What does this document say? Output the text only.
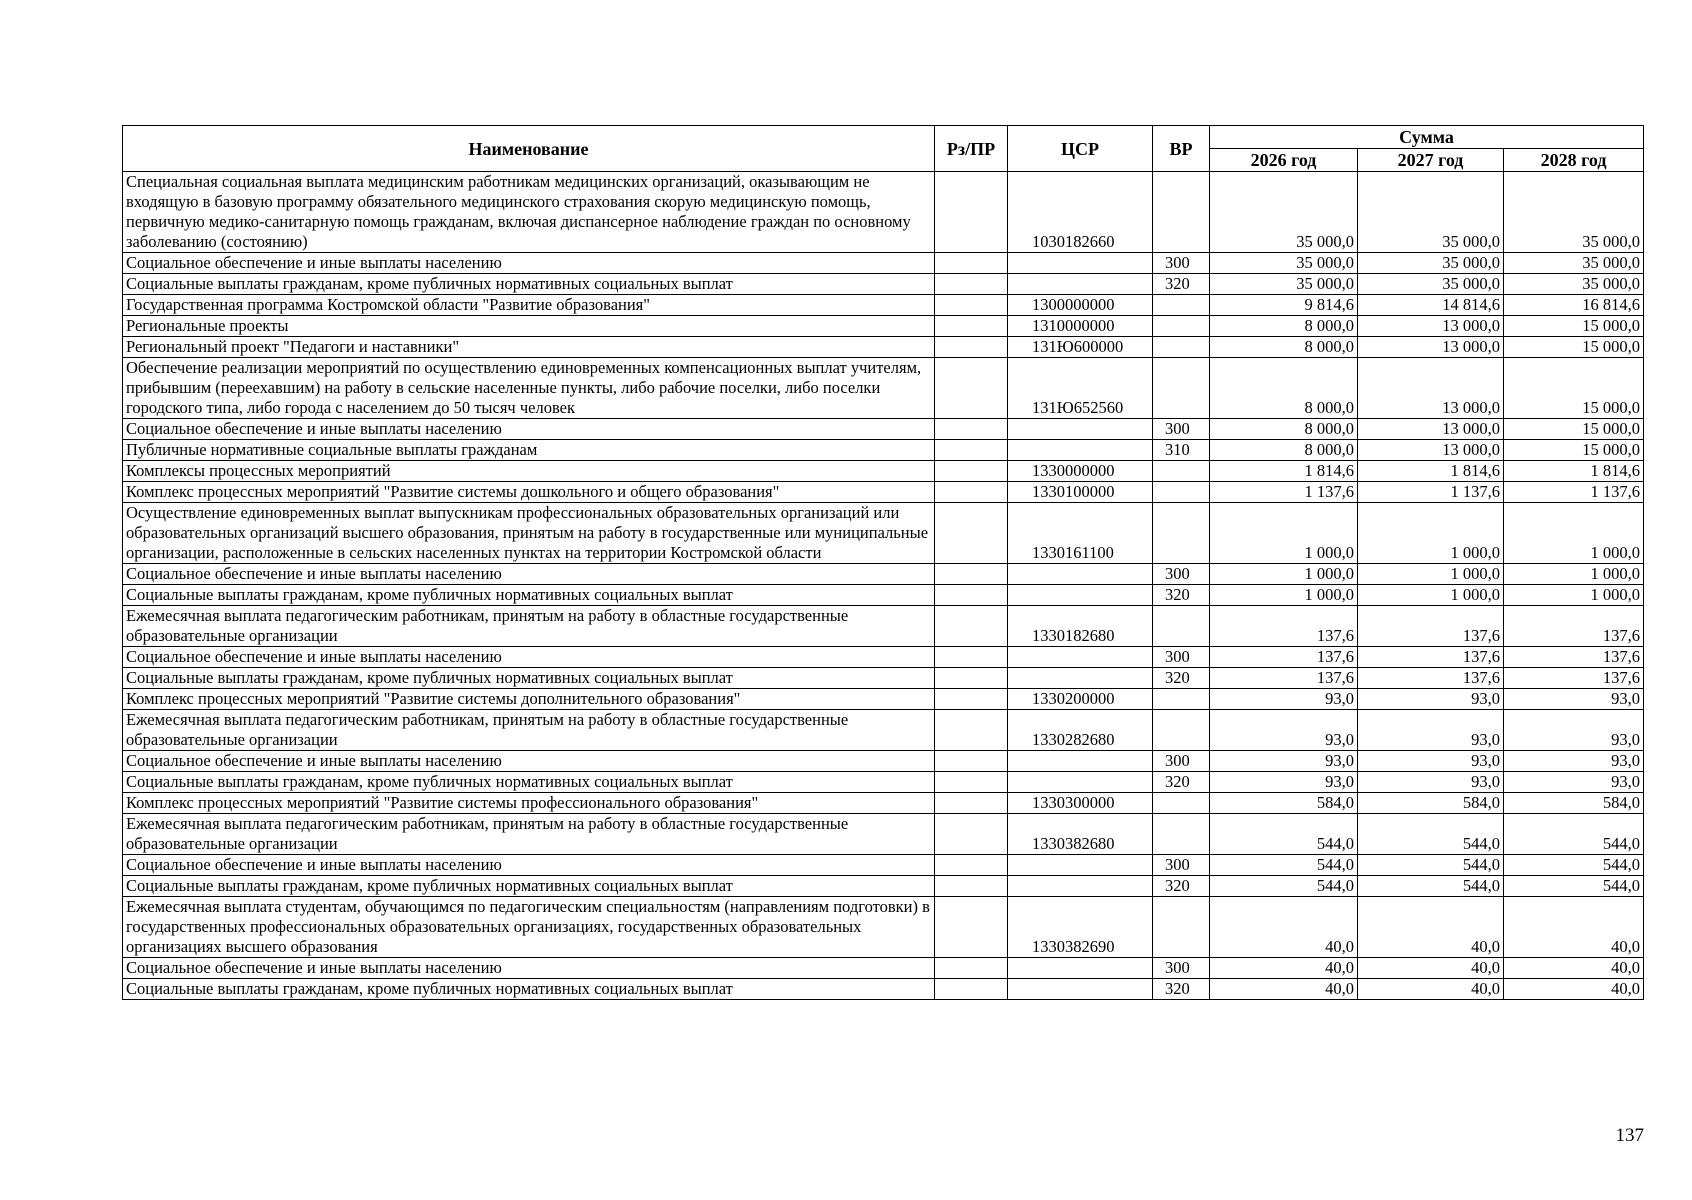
Наименование	Рз/ПР	ЦСР	ВР	Сумма		
				2026 год	2027 год	2028 год
Специальная социальная выплата медицинским работникам медицинских организаций, оказывающим не входящую в базовую программу обязательного медицинского страхования скорую медицинскую помощь, первичную медико-санитарную помощь гражданам, включая диспансерное наблюдение граждан по основному заболеванию (состоянию)		1030182660		35 000,0	35 000,0	35 000,0
Социальное обеспечение и иные выплаты населению			300	35 000,0	35 000,0	35 000,0
Социальные выплаты гражданам, кроме публичных нормативных социальных выплат			320	35 000,0	35 000,0	35 000,0
Государственная программа Костромской области "Развитие образования"		1300000000		9 814,6	14 814,6	16 814,6
Региональные проекты		1310000000		8 000,0	13 000,0	15 000,0
Региональный проект "Педагоги и наставники"		131Ю600000		8 000,0	13 000,0	15 000,0
Обеспечение реализации мероприятий по осуществлению единовременных компенсационных выплат учителям, прибывшим (переехавшим) на работу в сельские населенные пункты, либо рабочие поселки, либо поселки городского типа, либо города с населением до 50 тысяч человек		131Ю652560		8 000,0	13 000,0	15 000,0
Социальное обеспечение и иные выплаты населению			300	8 000,0	13 000,0	15 000,0
Публичные нормативные социальные выплаты гражданам			310	8 000,0	13 000,0	15 000,0
Комплексы процессных мероприятий		1330000000		1 814,6	1 814,6	1 814,6
Комплекс процессных мероприятий "Развитие системы дошкольного и общего образования"		1330100000		1 137,6	1 137,6	1 137,6
Осуществление единовременных выплат выпускникам профессиональных образовательных организаций или образовательных организаций высшего образования, принятым на работу в государственные или муниципальные организации, расположенные в сельских населенных пунктах на территории Костромской области		1330161100		1 000,0	1 000,0	1 000,0
Социальное обеспечение и иные выплаты населению			300	1 000,0	1 000,0	1 000,0
Социальные выплаты гражданам, кроме публичных нормативных социальных выплат			320	1 000,0	1 000,0	1 000,0
Ежемесячная выплата педагогическим работникам, принятым на работу в областные государственные образовательные организации		1330182680		137,6	137,6	137,6
Социальное обеспечение и иные выплаты населению			300	137,6	137,6	137,6
Социальные выплаты гражданам, кроме публичных нормативных социальных выплат			320	137,6	137,6	137,6
Комплекс процессных мероприятий "Развитие системы дополнительного образования"		1330200000		93,0	93,0	93,0
Ежемесячная выплата педагогическим работникам, принятым на работу в областные государственные образовательные организации		1330282680		93,0	93,0	93,0
Социальное обеспечение и иные выплаты населению			300	93,0	93,0	93,0
Социальные выплаты гражданам, кроме публичных нормативных социальных выплат			320	93,0	93,0	93,0
Комплекс процессных мероприятий "Развитие системы профессионального образования"		1330300000		584,0	584,0	584,0
Ежемесячная выплата педагогическим работникам, принятым на работу в областные государственные образовательные организации		1330382680		544,0	544,0	544,0
Социальное обеспечение и иные выплаты населению			300	544,0	544,0	544,0
Социальные выплаты гражданам, кроме публичных нормативных социальных выплат			320	544,0	544,0	544,0
Ежемесячная выплата студентам, обучающимся по педагогическим специальностям (направлениям подготовки) в государственных профессиональных образовательных организациях, государственных образовательных организациях высшего образования		1330382690		40,0	40,0	40,0
Социальное обеспечение и иные выплаты населению			300	40,0	40,0	40,0
Социальные выплаты гражданам, кроме публичных нормативных социальных выплат			320	40,0	40,0	40,0
137
